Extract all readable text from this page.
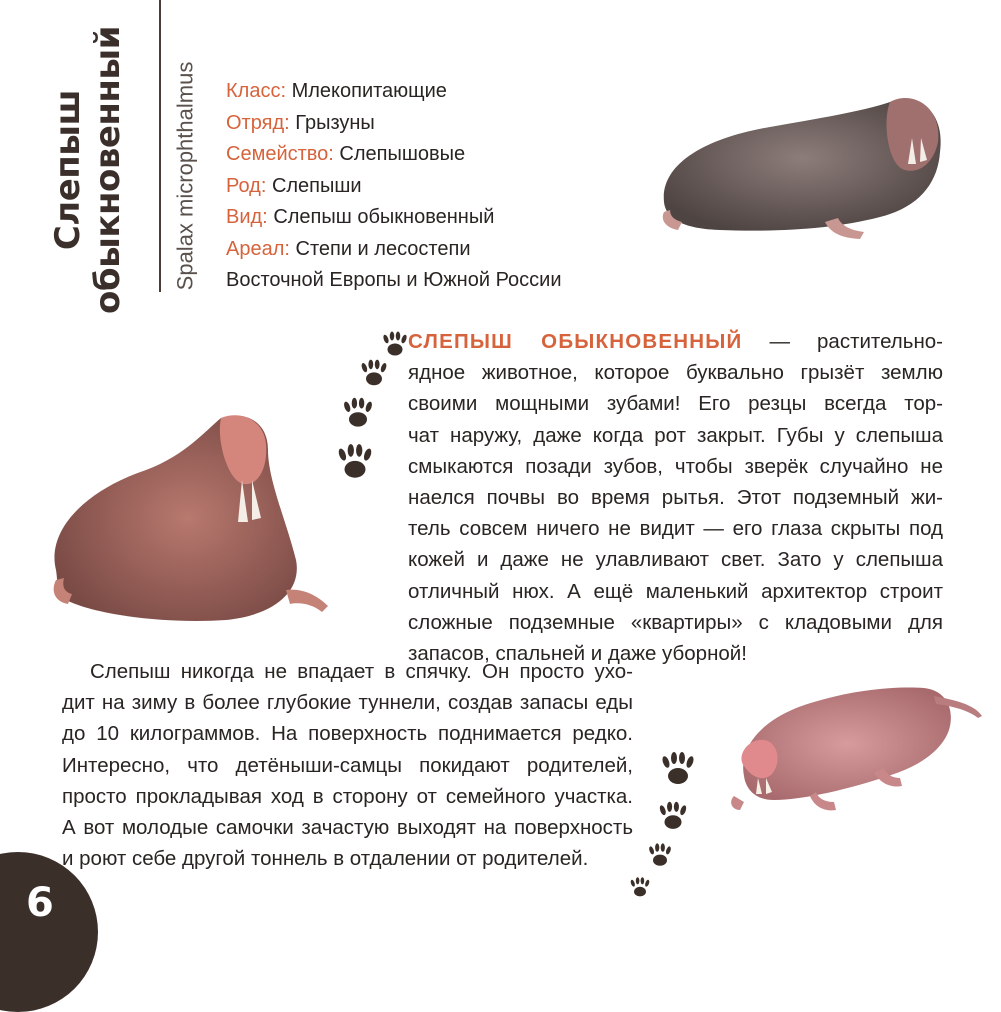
Слепыш обыкновенный Spalax microphthalmus Класс: Млекопитающие
Отряд: Грызуны
Семейство: Слепышовые
Род: Слепыши
Вид: Слепыш обыкновенный
Ареал: Степи и лесостепи
Восточной Европы и Южной России
СЛЕПЫШ ОБЫКНОВЕННЫЙ — растительно-
ядное животное, которое буквально грызёт землю
своими мощными зубами! Его резцы всегда тор-
чат наружу, даже когда рот закрыт. Губы у слепыша
смыкаются позади зубов, чтобы зверёк случайно не
наелся почвы во время рытья. Этот подземный жи-
тель совсем ничего не видит — его глаза скрыты под
кожей и даже не улавливают свет. Зато у слепыша
отличный нюх. А ещё маленький архитектор строит
сложные подземные «квартиры» с кладовыми для
запасов, спальней и даже уборной!
Слепыш никогда не впадает в спячку. Он просто ухо-
дит на зиму в более глубокие туннели, создав запасы еды
до 10 килограммов. На поверхность поднимается редко.
Интересно, что детёныши-самцы покидают родителей,
просто прокладывая ход в сторону от семейного участка.
А вот молодые самочки зачастую выходят на поверхность
и роют себе другой тоннель в отдалении от родителей.
6
